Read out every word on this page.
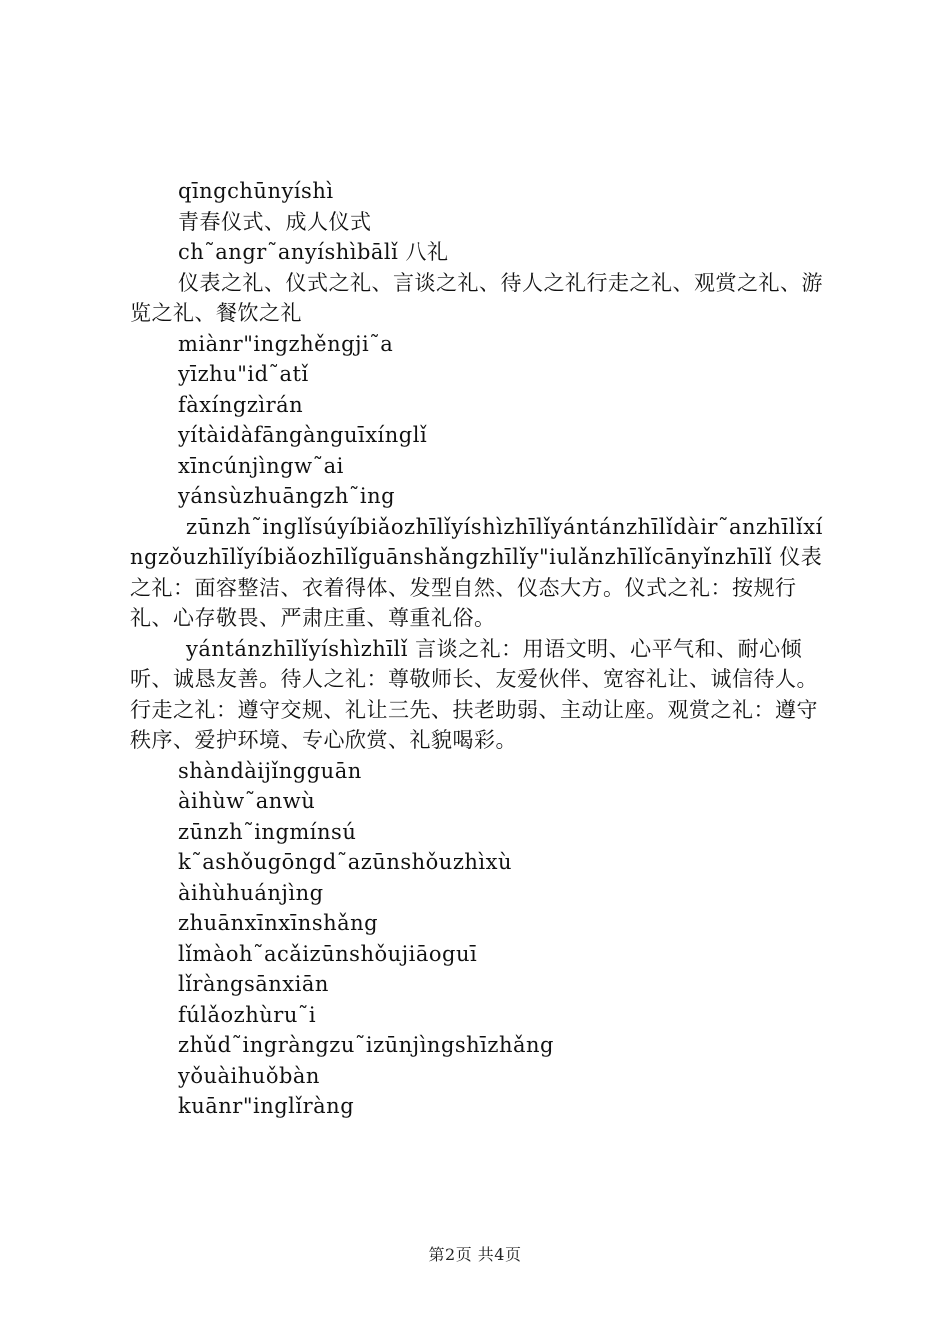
qīngchūnyíshì
青春仪式、成人仪式
ch˜angr˜anyíshìbālǐ 八礼
仪表之礼、仪式之礼、言谈之礼、待人之礼行走之礼、观赏之礼、游览之礼、餐饮之礼
miànr"ingzhěngji˜a
yīzhu"id˜atǐ
fàxíngzìrán
yítàidàfāngànguīxínglǐ
xīncúnjìngw˜ai
yánsùzhuāngzh˜ing
zūnzh˜inglǐsúyíbiǎozhīlǐyíshìzhīlǐyántánzhīlǐdàir˜anzhīlǐxíngzǒuzhīlǐyíbiǎozhīlǐguānshǎngzhīlǐy"iulǎnzhīlǐcānyǐnzhīlǐ 仪表之礼：面容整洁、衣着得体、发型自然、仪态大方。仪式之礼：按规行礼、心存敬畏、严肃庄重、尊重礼俗。
yántánzhīlǐyíshìzhīlǐ 言谈之礼：用语文明、心平气和、耐心倾听、诚恳友善。待人之礼：尊敬师长、友爱伙伴、宽容礼让、诚信待人。行走之礼：遵守交规、礼让三先、扶老助弱、主动让座。观赏之礼：遵守秩序、爱护环境、专心欣赏、礼貌喝彩。
shàndàijǐngguān
àihùw˜anwù
zūnzh˜ingmínsú
k˜ashǒugōngd˜azūnshǒuzhìxù
àihùhuánjìng
zhuānxīnxīnshǎng
lǐmàoh˜acǎizūnshǒujiāoguī
lǐràngsānxiān
fúlǎozhùru˜i
zhǔd˜ingràngzu˜izūnjìngshīzhǎng
yǒuàihuǒbàn
kuānr"inglǐràng
第2页 共4页
